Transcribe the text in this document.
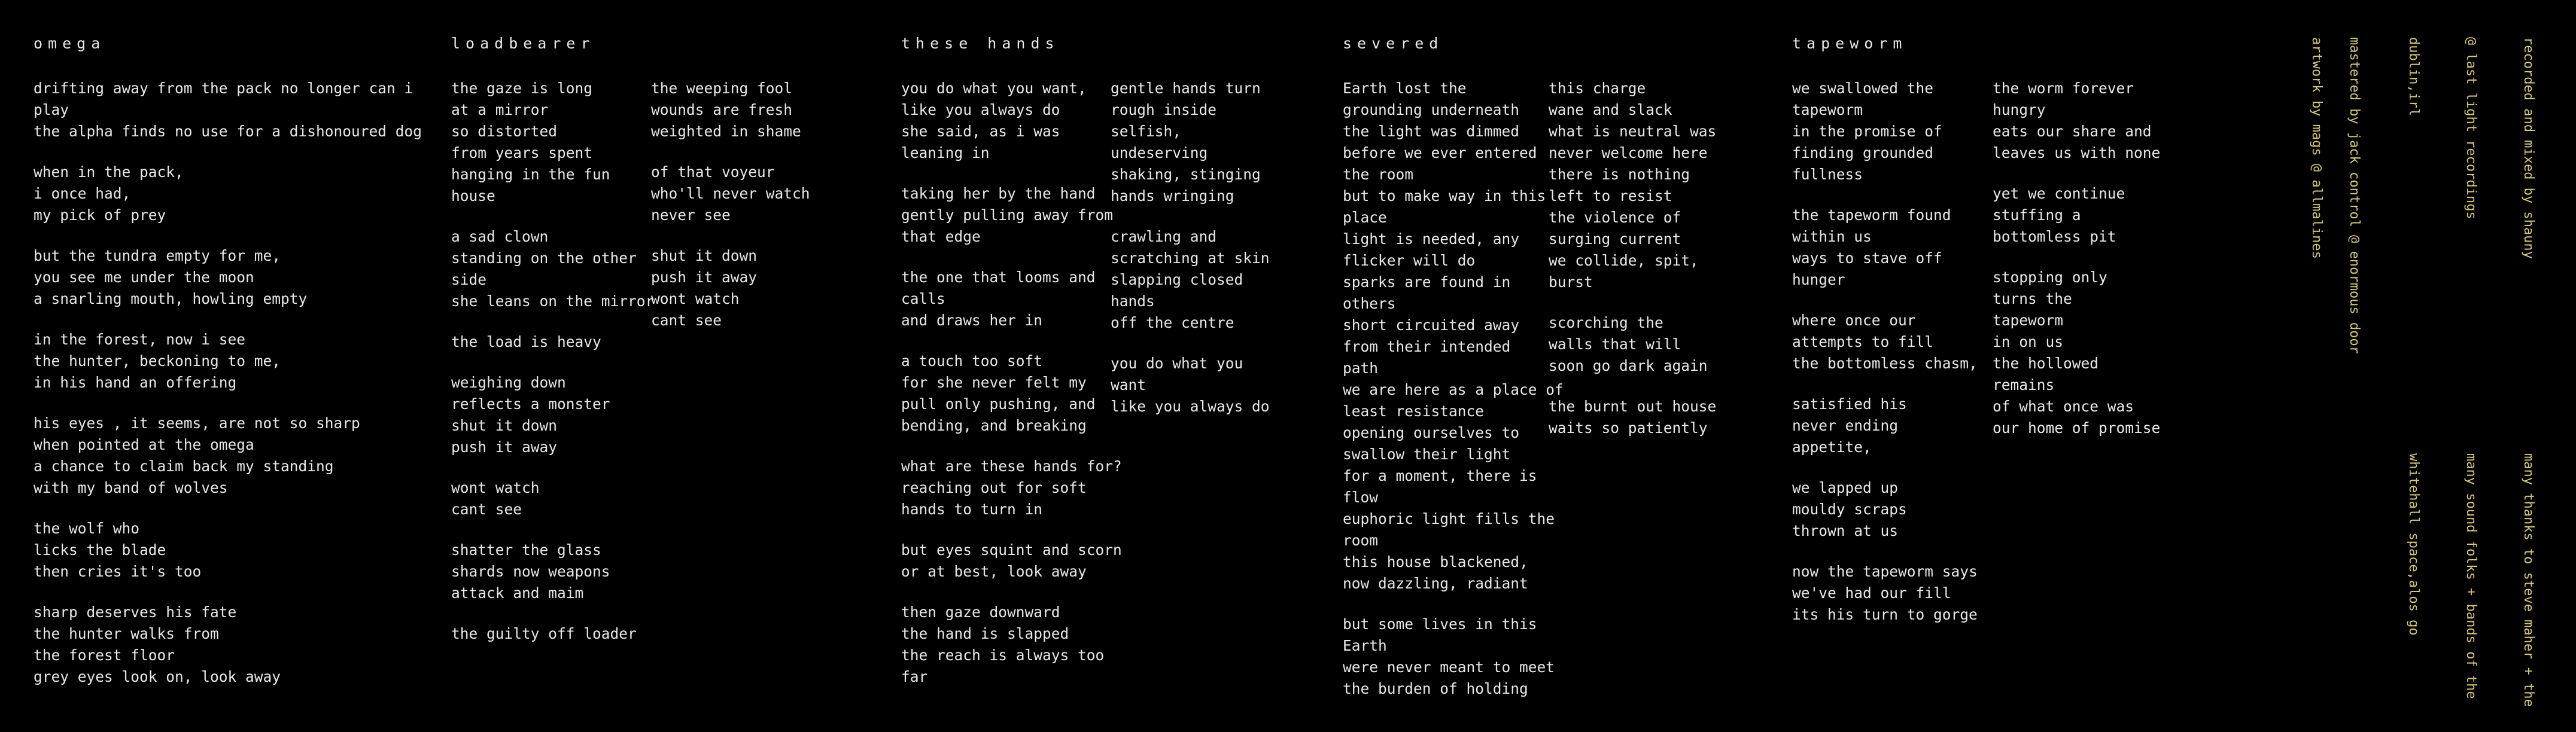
omega	loadbearer	these hands	severed	tapeworm
drifting away from the pack no longer can i
play
the alpha finds no use for a dishonoured dog
when in the pack,
i once had,
my pick of prey
but the tundra empty for me,
you see me under the moon
a snarling mouth, howling empty
in the forest, now i see
the hunter, beckoning to me,
in his hand an offering
his eyes , it seems, are not so sharp
when pointed at the omega
a chance to claim back my standing
with my band of wolves
the wolf who
licks the blade
then cries it's too
sharp deserves his fate
the hunter walks from
the forest floor
grey eyes look on, look away
the gaze is long
at a mirror
so distorted
from years spent
hanging in the fun
house
a sad clown
standing on the other
side
she leans on the mirror
the load is heavy
weighing down
reflects a monster
shut it down
push it away
wont watch
cant see
shatter the glass
shards now weapons
attack and maim
the guilty off loader
the weeping fool
wounds are fresh
weighted in shame
of that voyeur
who'll never watch
never see
shut it down
push it away
wont watch
cant see
you do what you want,
like you always do
she said, as i was
leaning in
taking her by the hand
gently pulling away from
that edge
the one that looms and
calls
and draws her in
a touch too soft
for she never felt my
pull only pushing, and
bending, and breaking
what are these hands for?
reaching out for soft
hands to turn in
but eyes squint and scorn
or at best, look away
then gaze downward
the hand is slapped
the reach is always too
far
gentle hands turn
rough inside
selfish,
undeserving
shaking, stinging
hands wringing
crawling and
scratching at skin
slapping closed
hands
off the centre
you do what you
want
like you always do
Earth lost the
grounding underneath
the light was dimmed
before we ever entered
the room
but to make way in this
place
light is needed, any
flicker will do
sparks are found in
others
short circuited away
from their intended
path
we are here as a place of
least resistance
opening ourselves to
swallow their light
for a moment, there is
flow
euphoric light fills the
room
this house blackened,
now dazzling, radiant
but some lives in this
Earth
were never meant to meet
the burden of holding
this charge
wane and slack
what is neutral was
never welcome here
there is nothing
left to resist
the violence of
surging current
we collide, spit,
burst
scorching the
walls that will
soon go dark again
the burnt out house
waits so patiently
we swallowed the
tapeworm
in the promise of
finding grounded
fullness
the tapeworm found
within us
ways to stave off
hunger
where once our
attempts to fill
the bottomless chasm,
satisfied his
never ending
appetite,
we lapped up
mouldy scraps
thrown at us
now the tapeworm says
we've had our fill
its his turn to gorge
the worm forever
hungry
eats our share and
leaves us with none
yet we continue
stuffing a
bottomless pit
stopping only
turns the
tapeworm
in on us
the hollowed
remains
of what once was
our home of promise
artwork by mags @ allmalines mastered by jack control @ enormous door

	recorded and mixed by shauny

@ last light recordings

dublin,irl

many thanks to steve maher + the

many sound folks + bands of the

whitehall space,alos go
